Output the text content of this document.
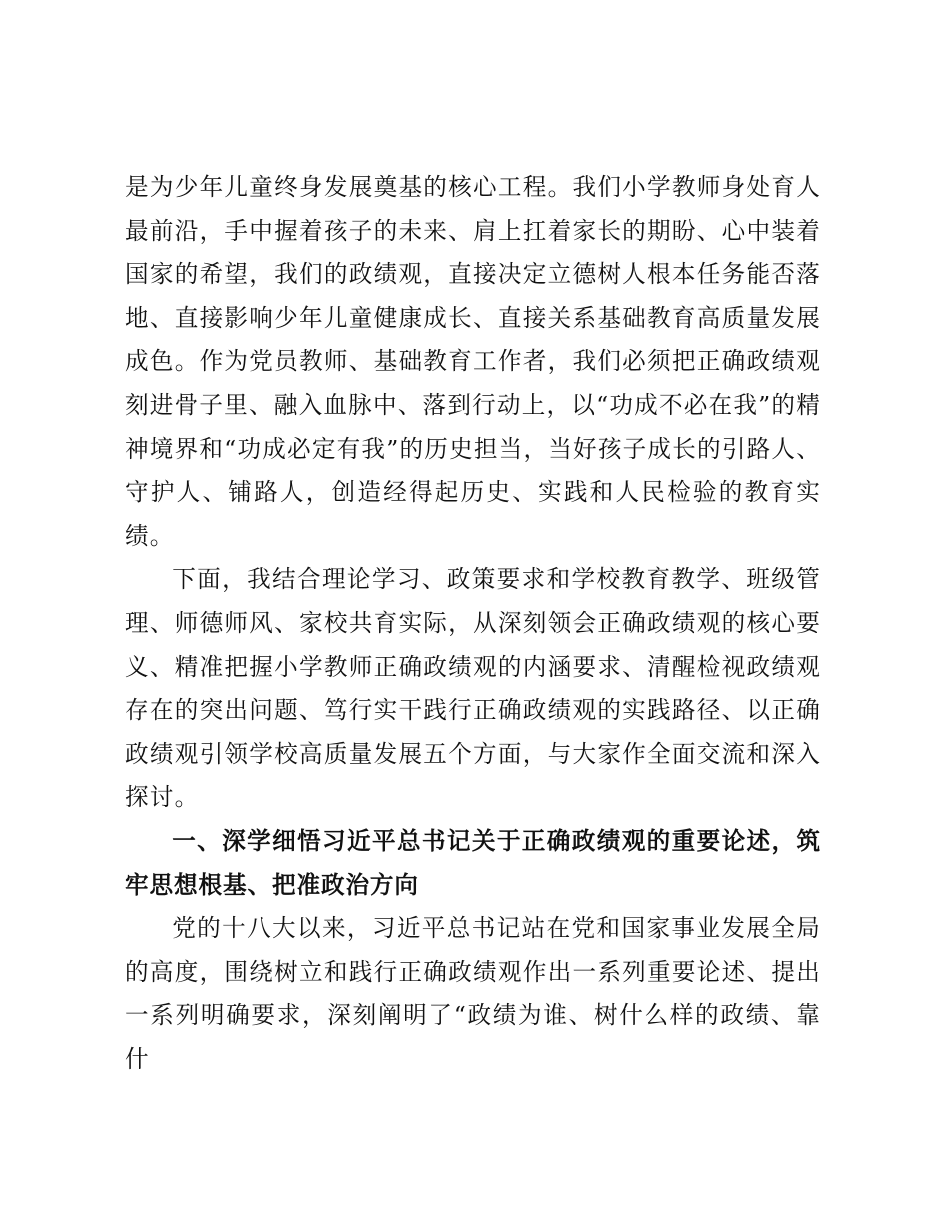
是为少年儿童终身发展奠基的核心工程。我们小学教师身处育人最前沿，手中握着孩子的未来、肩上扛着家长的期盼、心中装着国家的希望，我们的政绩观，直接决定立德树人根本任务能否落地、直接影响少年儿童健康成长、直接关系基础教育高质量发展成色。作为党员教师、基础教育工作者，我们必须把正确政绩观刻进骨子里、融入血脉中、落到行动上，以“功成不必在我”的精神境界和“功成必定有我”的历史担当，当好孩子成长的引路人、守护人、铺路人，创造经得起历史、实践和人民检验的教育实绩。

下面，我结合理论学习、政策要求和学校教育教学、班级管理、师德师风、家校共育实际，从深刻领会正确政绩观的核心要义、精准把握小学教师正确政绩观的内涵要求、清醒检视政绩观存在的突出问题、笃行实干践行正确政绩观的实践路径、以正确政绩观引领学校高质量发展五个方面，与大家作全面交流和深入探讨。

一、深学细悟习近平总书记关于正确政绩观的重要论述，筑牢思想根基、把准政治方向

党的十八大以来，习近平总书记站在党和国家事业发展全局的高度，围绕树立和践行正确政绩观作出一系列重要论述、提出一系列明确要求，深刻阐明了“政绩为谁、树什么样的政绩、靠什
